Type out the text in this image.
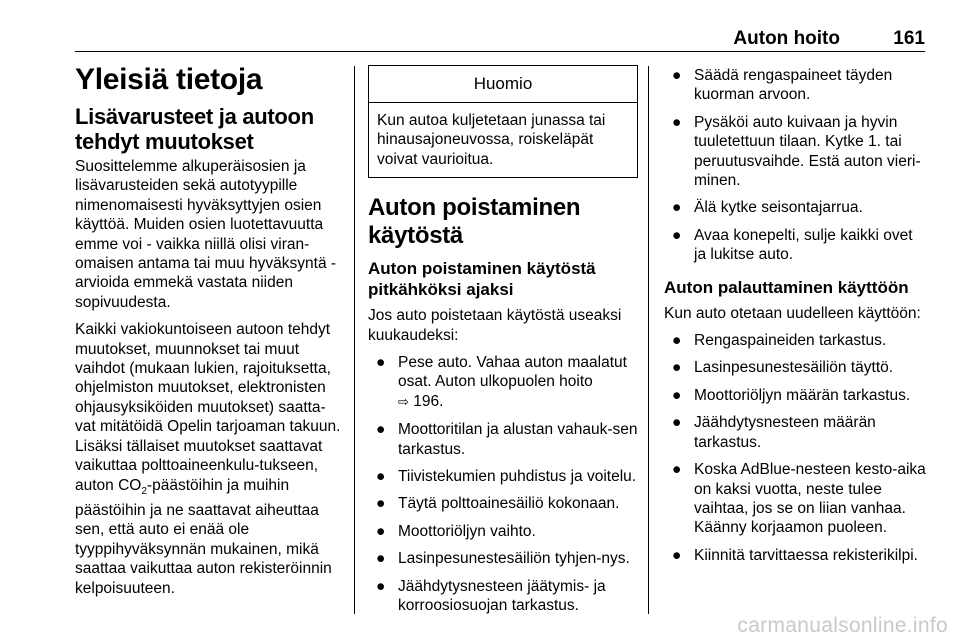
Auton hoito	161
Yleisiä tietoja
Lisävarusteet ja autoon tehdyt muutokset

Suosittelemme alkuperäisosien ja lisävarusteiden sekä autotyypille nimenomaisesti hyväksyttyjen osien käyttöä. Muiden osien luotettavuutta emme voi - vaikka niillä olisi viran-omaisen antama tai muu hyväksyntä - arvioida emmekä vastata niiden sopivuudesta.

Kaikki vakiokuntoiseen autoon tehdyt muutokset, muunnokset tai muut vaihdot (mukaan lukien, rajoituksetta, ohjelmiston muutokset, elektronisten ohjausyksiköiden muutokset) saatta-vat mitätöidä Opelin tarjoaman takuun. Lisäksi tällaiset muutokset saattavat vaikuttaa polttoaineenkulu-tukseen, auton $CO_2$-päästöihin ja muihin päästöihin ja ne saattavat aiheuttaa sen, että auto ei enää ole tyyppihyväksynnän mukainen, mikä saattaa vaikuttaa auton rekisteröinnin kelpoisuuteen.

Huomio
Kun autoa kuljetetaan junassa tai hinausajoneuvossa, roiskeläpät voivat vaurioitua.
Auton poistaminen käytöstä
Auton poistaminen käytöstä pitkähköksi ajaksi

Jos auto poistetaan käytöstä useaksi kuukaudeksi:

● Pese auto. Vahaa auton maalatut osat. Auton ulkopuolen hoito
⇨ 196.
● Moottoritilan ja alustan vahauk-sen tarkastus.
● Tiivistekumien puhdistus ja voitelu.
● Täytä polttoainesäiliö kokonaan.
● Moottoriöljyn vaihto.
● Lasinpesunestesäiliön tyhjen-nys.
● Jäähdytysnesteen jäätymis- ja korroosiosuojan tarkastus.
● Säädä rengaspaineet täyden kuorman arvoon.
● Pysäköi auto kuivaan ja hyvin tuuletettuun tilaan. Kytke 1. tai peruutusvaihde. Estä auton vieri-minen.
● Älä kytke seisontajarrua.
● Avaa konepelti, sulje kaikki ovet ja lukitse auto.
Auton palauttaminen käyttöön

Kun auto otetaan uudelleen käyttöön:

● Rengaspaineiden tarkastus.
● Lasinpesunestesäiliön täyttö.
● Moottoriöljyn määrän tarkastus.
● Jäähdytysnesteen määrän tarkastus.
● Koska AdBlue-nesteen kesto-aika on kaksi vuotta, neste tulee vaihtaa, jos se on liian vanhaa. Käänny korjaamon puoleen.
● Kiinnitä tarvittaessa rekisterikilpi.
carmanualsonline.info
